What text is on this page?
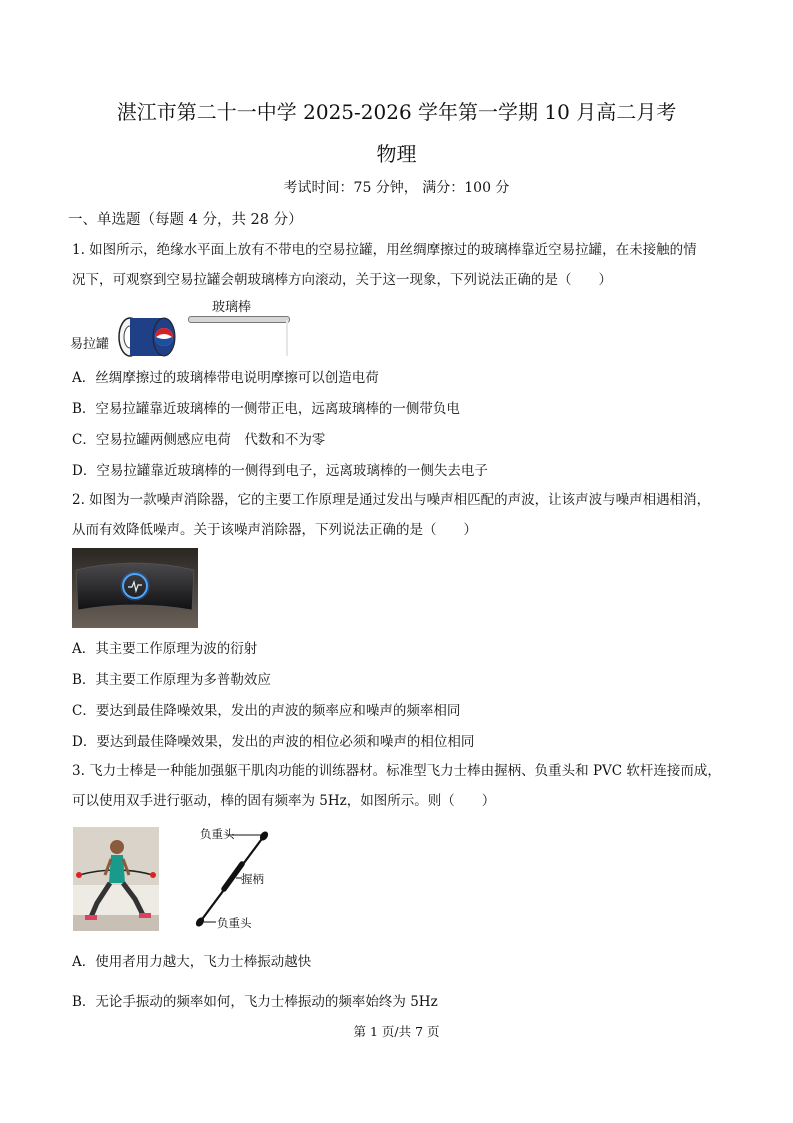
湛江市第二十一中学 2025-2026 学年第一学期 10 月高二月考
物理
考试时间：75 分钟， 满分：100 分
一、单选题（每题 4 分，共 28 分）
1. 如图所示，绝缘水平面上放有不带电的空易拉罐，用丝绸摩擦过的玻璃棒靠近空易拉罐，在未接触的情
况下，可观察到空易拉罐会朝玻璃棒方向滚动，关于这一现象，下列说法正确的是（　　）
玻璃棒
易拉罐
A．丝绸摩擦过的玻璃棒带电说明摩擦可以创造电荷
B．空易拉罐靠近玻璃棒的一侧带正电，远离玻璃棒的一侧带负电
C．空易拉罐两侧感应电荷　代数和不为零
D．空易拉罐靠近玻璃棒的一侧得到电子，远离玻璃棒的一侧失去电子
2. 如图为一款噪声消除器，它的主要工作原理是通过发出与噪声相匹配的声波，让该声波与噪声相遇相消，
从而有效降低噪声。关于该噪声消除器，下列说法正确的是（　　）
A．其主要工作原理为波的衍射
B．其主要工作原理为多普勒效应
C．要达到最佳降噪效果，发出的声波的频率应和噪声的频率相同
D．要达到最佳降噪效果，发出的声波的相位必须和噪声的相位相同
3. 飞力士棒是一种能加强躯干肌肉功能的训练器材。标准型飞力士棒由握柄、负重头和 PVC 软杆连接而成，
可以使用双手进行驱动，棒的固有频率为 5Hz，如图所示。则（　　）
负重头
握柄
负重头
A．使用者用力越大，飞力士棒振动越快
B．无论手振动的频率如何，飞力士棒振动的频率始终为 5Hz
第 1 页/共 7 页
